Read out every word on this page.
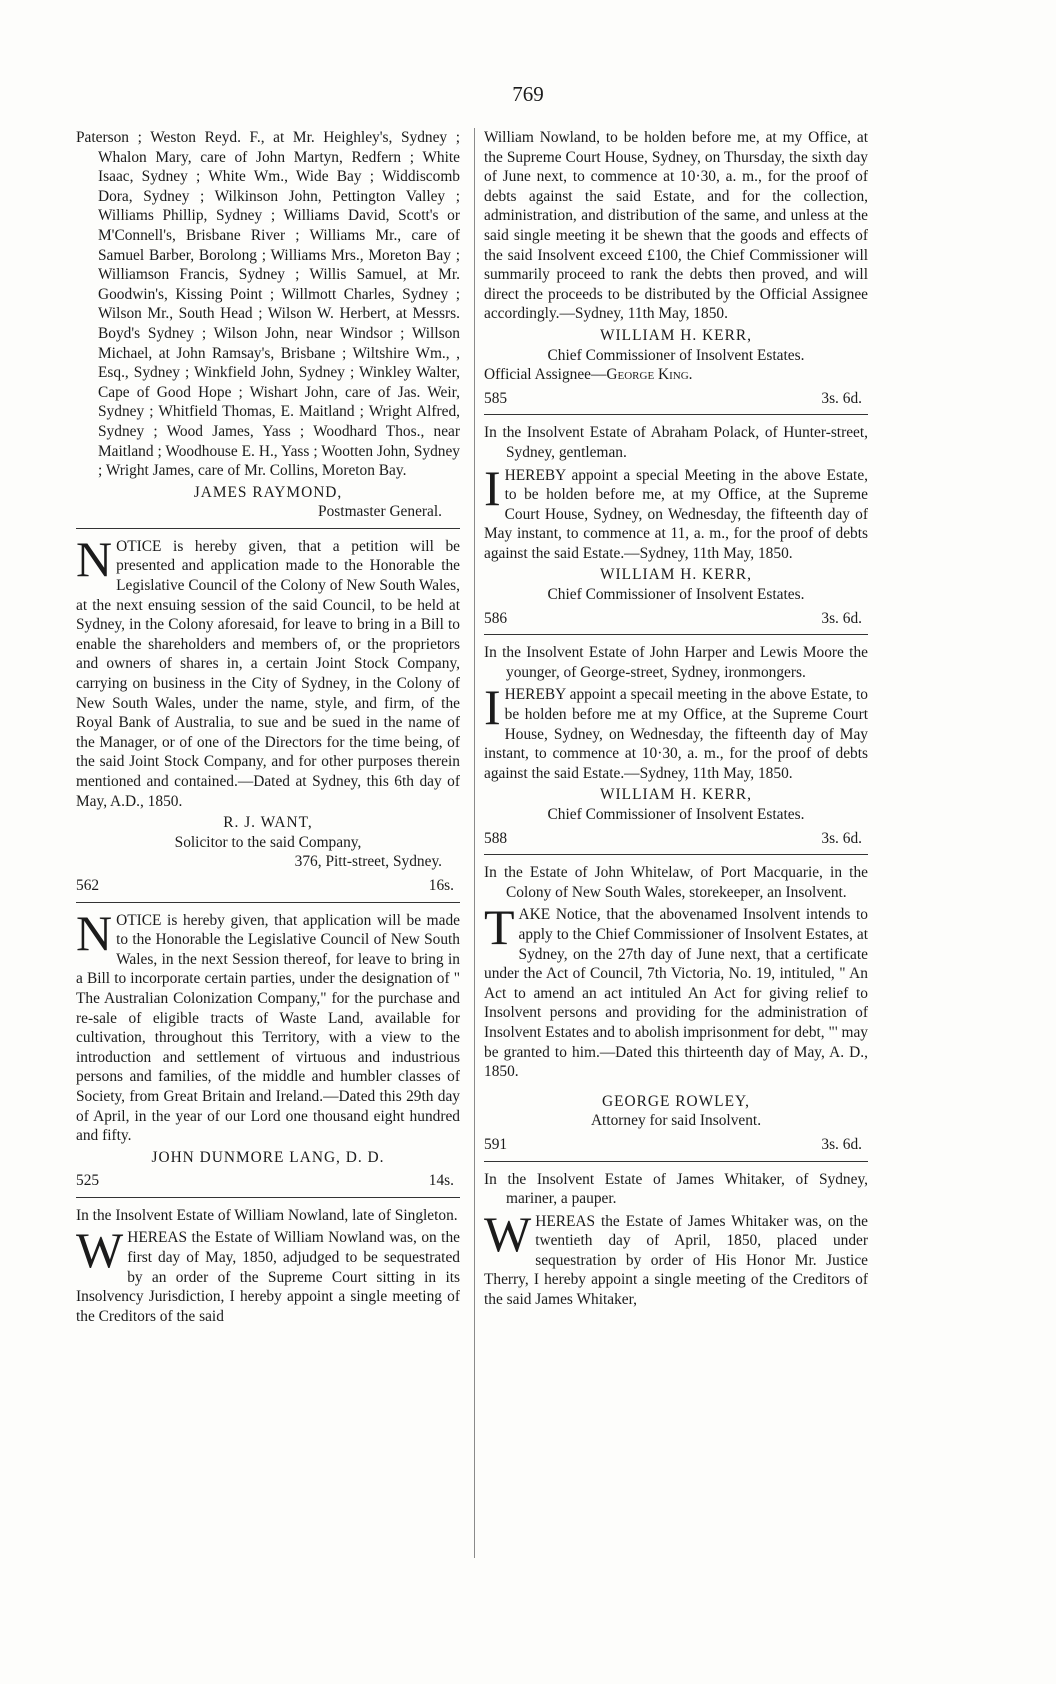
769

Paterson ; Weston Reyd. F., at Mr. Heighley's, Sydney ; Whalon Mary, care of John Martyn, Redfern ; White Isaac, Sydney ; White Wm., Wide Bay ; Widdiscomb Dora, Sydney ; Wilkinson John, Pettington Valley ; Williams Phillip, Sydney ; Williams David, Scott's or M'Connell's, Brisbane River ; Williams Mr., care of Samuel Barber, Borolong ; Williams Mrs., Moreton Bay ; Williamson Francis, Sydney ; Willis Samuel, at Mr. Goodwin's, Kissing Point ; Willmott Charles, Sydney ; Wilson Mr., South Head ; Wilson W. Herbert, at Messrs. Boyd's Sydney ; Wilson John, near Windsor ; Willson Michael, at John Ramsay's, Brisbane ; Wiltshire Wm., , Esq., Sydney ; Winkfield John, Sydney ; Winkley Walter, Cape of Good Hope ; Wishart John, care of Jas. Weir, Sydney ; Whitfield Thomas, E. Maitland ; Wright Alfred, Sydney ; Wood James, Yass ; Woodhard Thos., near Maitland ; Woodhouse E. H., Yass ; Wootten John, Sydney ; Wright James, care of Mr. Collins, Moreton Bay.

JAMES RAYMOND,

Postmaster General.

N OTICE is hereby given, that a petition will be presented and application made to the Honorable the Legislative Council of the Colony of New South Wales, at the next ensuing session of the said Council, to be held at Sydney, in the Colony aforesaid, for leave to bring in a Bill to enable the shareholders and members of, or the proprietors and owners of shares in, a certain Joint Stock Company, carrying on business in the City of Sydney, in the Colony of New South Wales, under the name, style, and firm, of the Royal Bank of Australia, to sue and be sued in the name of the Manager, or of one of the Directors for the time being, of the said Joint Stock Company, and for other purposes therein mentioned and contained.—Dated at Sydney, this 6th day of May, A.D., 1850.

R. J. WANT,

Solicitor to the said Company,

376, Pitt-street, Sydney.

562	16s.

N OTICE is hereby given, that application will be made to the Honorable the Legislative Council of New South Wales, in the next Session thereof, for leave to bring in a Bill to incorporate certain parties, under the designation of " The Australian Colonization Company," for the purchase and re-sale of eligible tracts of Waste Land, available for cultivation, throughout this Territory, with a view to the introduction and settlement of virtuous and industrious persons and families, of the middle and humbler classes of Society, from Great Britain and Ireland.—Dated this 29th day of April, in the year of our Lord one thousand eight hundred and fifty.

JOHN DUNMORE LANG, D. D.

525	14s.

In the Insolvent Estate of William Nowland, late of Singleton.

W HEREAS the Estate of William Nowland was, on the first day of May, 1850, adjudged to be sequestrated by an order of the Supreme Court sitting in its Insolvency Jurisdiction, I hereby appoint a single meeting of the Creditors of the said

William Nowland, to be holden before me, at my Office, at the Supreme Court House, Sydney, on Thursday, the sixth day of June next, to commence at 10·30, a. m., for the proof of debts against the said Estate, and for the collection, administration, and distribution of the same, and unless at the said single meeting it be shewn that the goods and effects of the said Insolvent exceed £100, the Chief Commissioner will summarily proceed to rank the debts then proved, and will direct the proceeds to be distributed by the Official Assignee accordingly.—Sydney, 11th May, 1850.

WILLIAM H. KERR,

Chief Commissioner of Insolvent Estates.

Official Assignee—George King.

585	3s. 6d.

In the Insolvent Estate of Abraham Polack, of Hunter-street, Sydney, gentleman.

I HEREBY appoint a special Meeting in the above Estate, to be holden before me, at my Office, at the Supreme Court House, Sydney, on Wednesday, the fifteenth day of May instant, to commence at 11, a. m., for the proof of debts against the said Estate.—Sydney, 11th May, 1850.

WILLIAM H. KERR,

Chief Commissioner of Insolvent Estates.

586	3s. 6d.

In the Insolvent Estate of John Harper and Lewis Moore the younger, of George-street, Sydney, ironmongers.

I HEREBY appoint a specail meeting in the above Estate, to be holden before me at my Office, at the Supreme Court House, Sydney, on Wednesday, the fifteenth day of May instant, to commence at 10·30, a. m., for the proof of debts against the said Estate.—Sydney, 11th May, 1850.

WILLIAM H. KERR,

Chief Commissioner of Insolvent Estates.

588	3s. 6d.

In the Estate of John Whitelaw, of Port Macquarie, in the Colony of New South Wales, storekeeper, an Insolvent.

T AKE Notice, that the abovenamed Insolvent intends to apply to the Chief Commissioner of Insolvent Estates, at Sydney, on the 27th day of June next, that a certificate under the Act of Council, 7th Victoria, No. 19, intituled, " An Act to amend an act intituled An Act for giving relief to Insolvent persons and providing for the administration of Insolvent Estates and to abolish imprisonment for debt, "' may be granted to him.—Dated this thirteenth day of May, A. D., 1850.

GEORGE ROWLEY,

Attorney for said Insolvent.

591	3s. 6d.

In the Insolvent Estate of James Whitaker, of Sydney, mariner, a pauper.

W HEREAS the Estate of James Whitaker was, on the twentieth day of April, 1850, placed under sequestration by order of His Honor Mr. Justice Therry, I hereby appoint a single meeting of the Creditors of the said James Whitaker,
